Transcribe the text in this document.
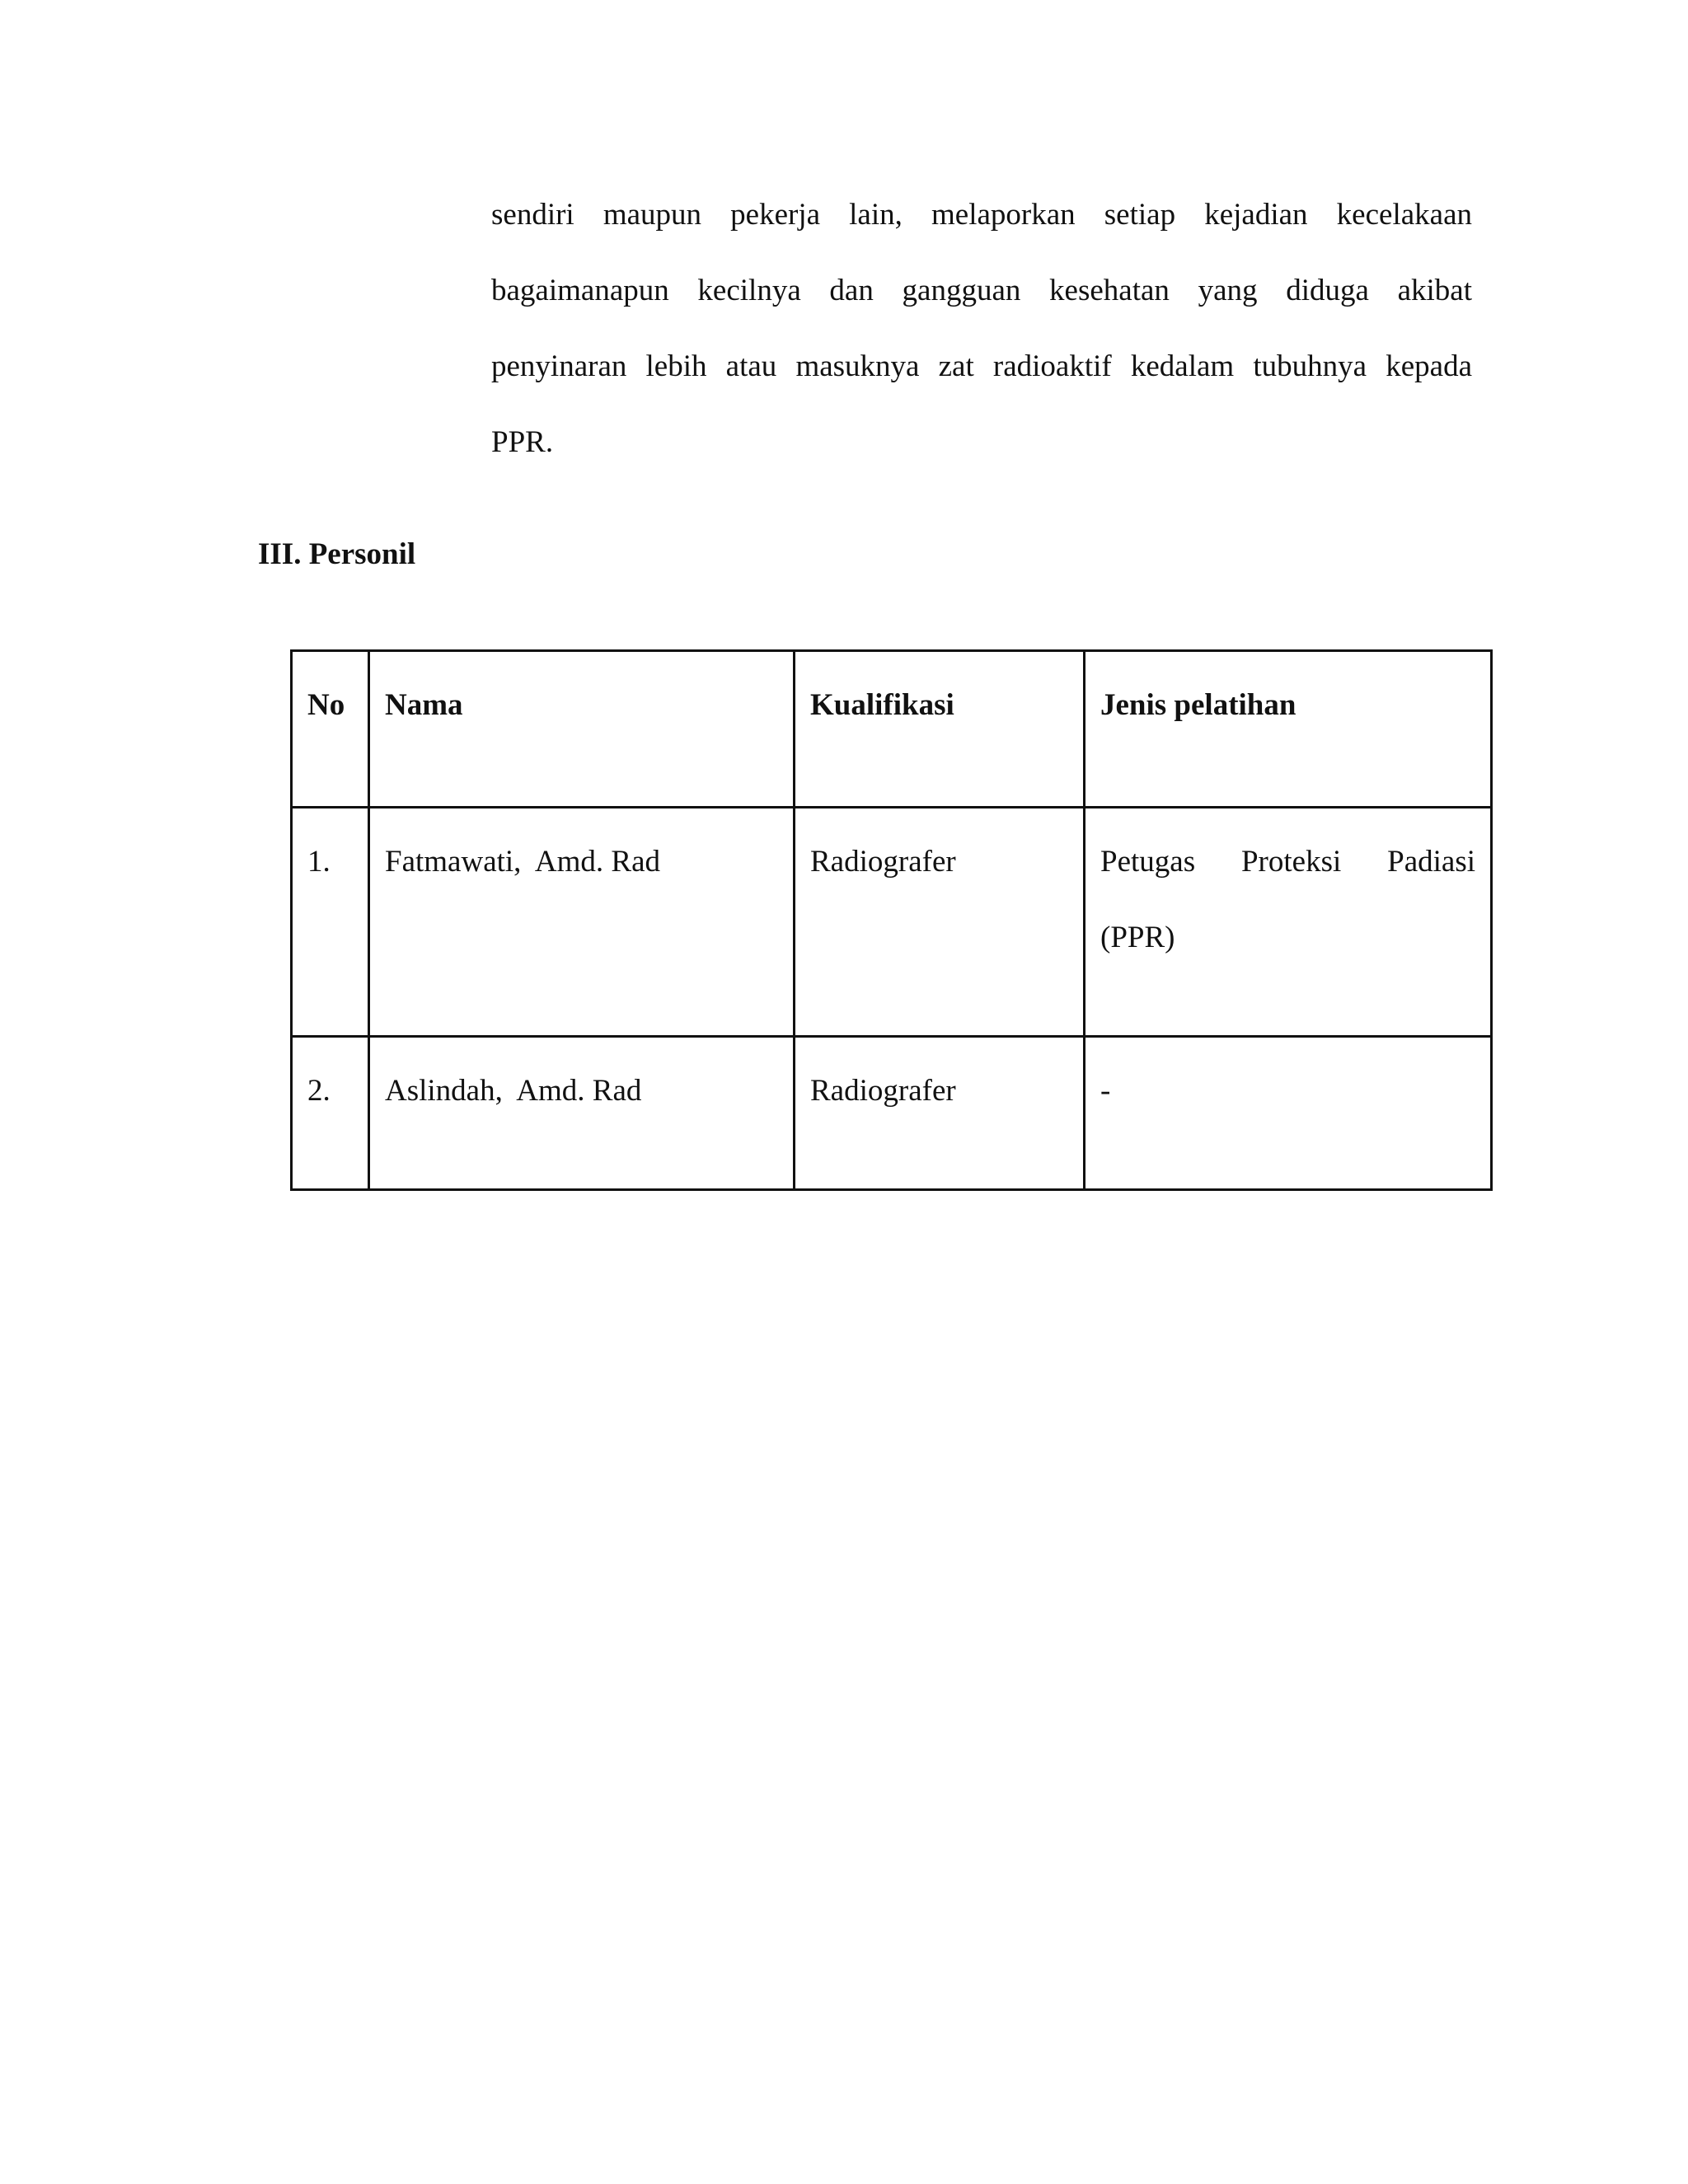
sendiri maupun pekerja lain, melaporkan setiap kejadian kecelakaan
bagaimanapun kecilnya dan gangguan kesehatan yang diduga akibat
penyinaran lebih atau masuknya zat radioaktif kedalam tubuhnya kepada
PPR.
III. Personil
No	Nama	Kualifikasi	Jenis pelatihan
1.	Fatmawati,  Amd. Rad	Radiografer	Petugas Proteksi Padiasi
(PPR)

2.	Aslindah,  Amd. Rad	Radiografer	-
